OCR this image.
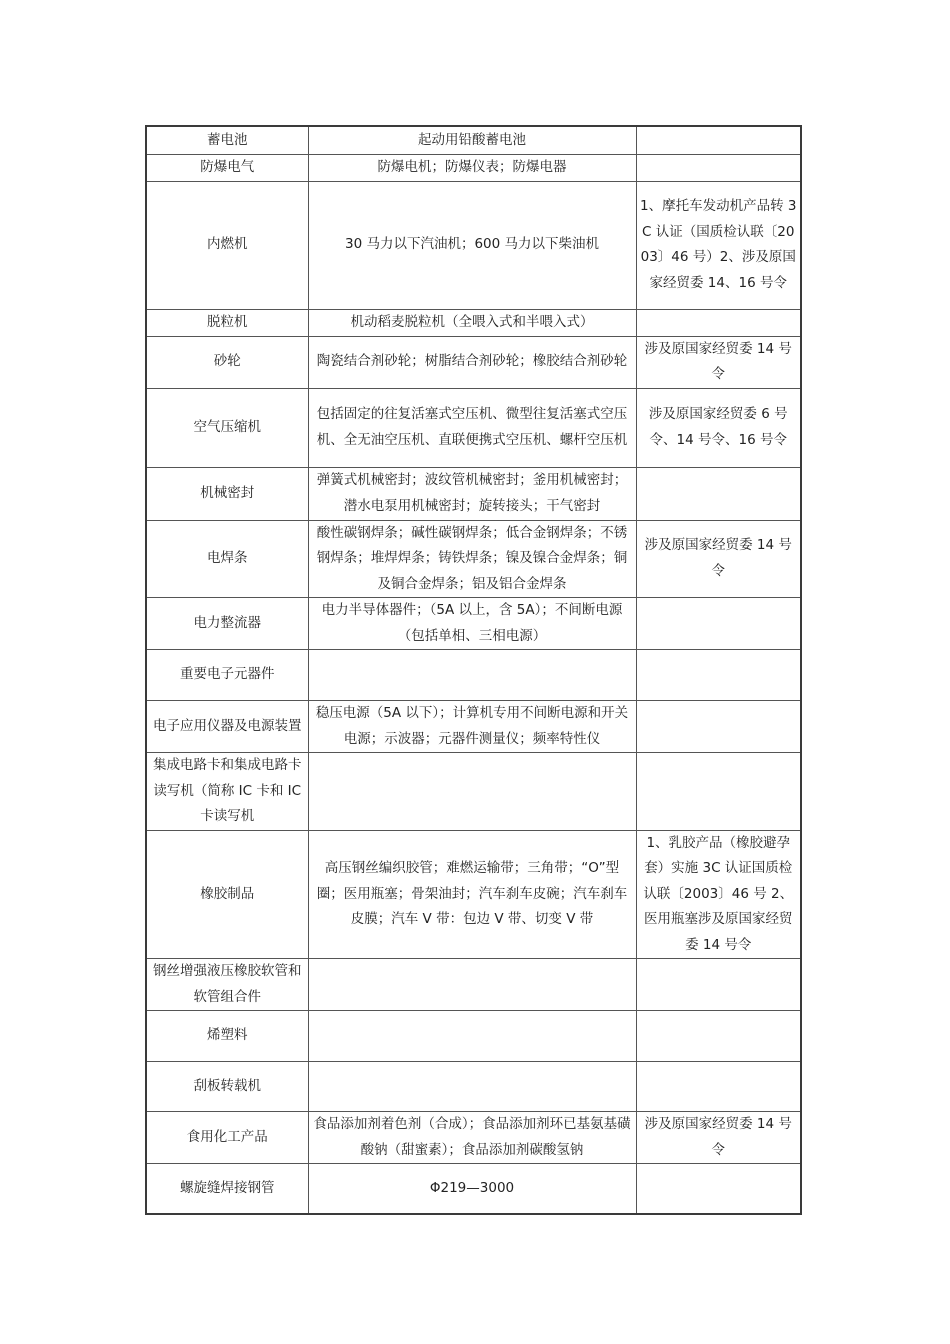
蓄电池	起动用铅酸蓄电池	
防爆电气	防爆电机；防爆仪表；防爆电器	
内燃机	30 马力以下汽油机；600 马力以下柴油机	1、摩托车发动机产品转 3C 认证（国质检认联〔2003〕46 号）2、涉及原国家经贸委 14、16 号令
脱粒机	机动稻麦脱粒机（全喂入式和半喂入式）	
砂轮	陶瓷结合剂砂轮；树脂结合剂砂轮；橡胶结合剂砂轮	涉及原国家经贸委 14 号令
空气压缩机	包括固定的往复活塞式空压机、微型往复活塞式空压机、全无油空压机、直联便携式空压机、螺杆空压机	涉及原国家经贸委 6 号令、14 号令、16 号令
机械密封	弹簧式机械密封；波纹管机械密封；釜用机械密封；潜水电泵用机械密封；旋转接头；干气密封	
电焊条	酸性碳钢焊条；碱性碳钢焊条；低合金钢焊条；不锈钢焊条；堆焊焊条；铸铁焊条；镍及镍合金焊条；铜及铜合金焊条；铝及铝合金焊条	涉及原国家经贸委 14 号令
电力整流器	电力半导体器件；（5A 以上，含 5A）；不间断电源（包括单相、三相电源）	
重要电子元器件		
电子应用仪器及电源装置	稳压电源（5A 以下）；计算机专用不间断电源和开关电源；示波器；元器件测量仪；频率特性仪	
集成电路卡和集成电路卡读写机（简称 IC 卡和 IC 卡读写机		
橡胶制品	高压钢丝编织胶管；难燃运输带；三角带；“O”型圈；医用瓶塞；骨架油封；汽车刹车皮碗；汽车刹车皮膜；汽车 V 带：包边 V 带、切变 V 带	1、乳胶产品（橡胶避孕套）实施 3C 认证国质检认联〔2003〕46 号 2、医用瓶塞涉及原国家经贸委 14 号令
钢丝增强液压橡胶软管和软管组合件		
烯塑料		
刮板转载机		
食用化工产品	食品添加剂着色剂（合成）；食品添加剂环已基氨基磺酸钠（甜蜜素）；食品添加剂碳酸氢钠	涉及原国家经贸委 14 号令
螺旋缝焊接钢管	Φ219—3000	
